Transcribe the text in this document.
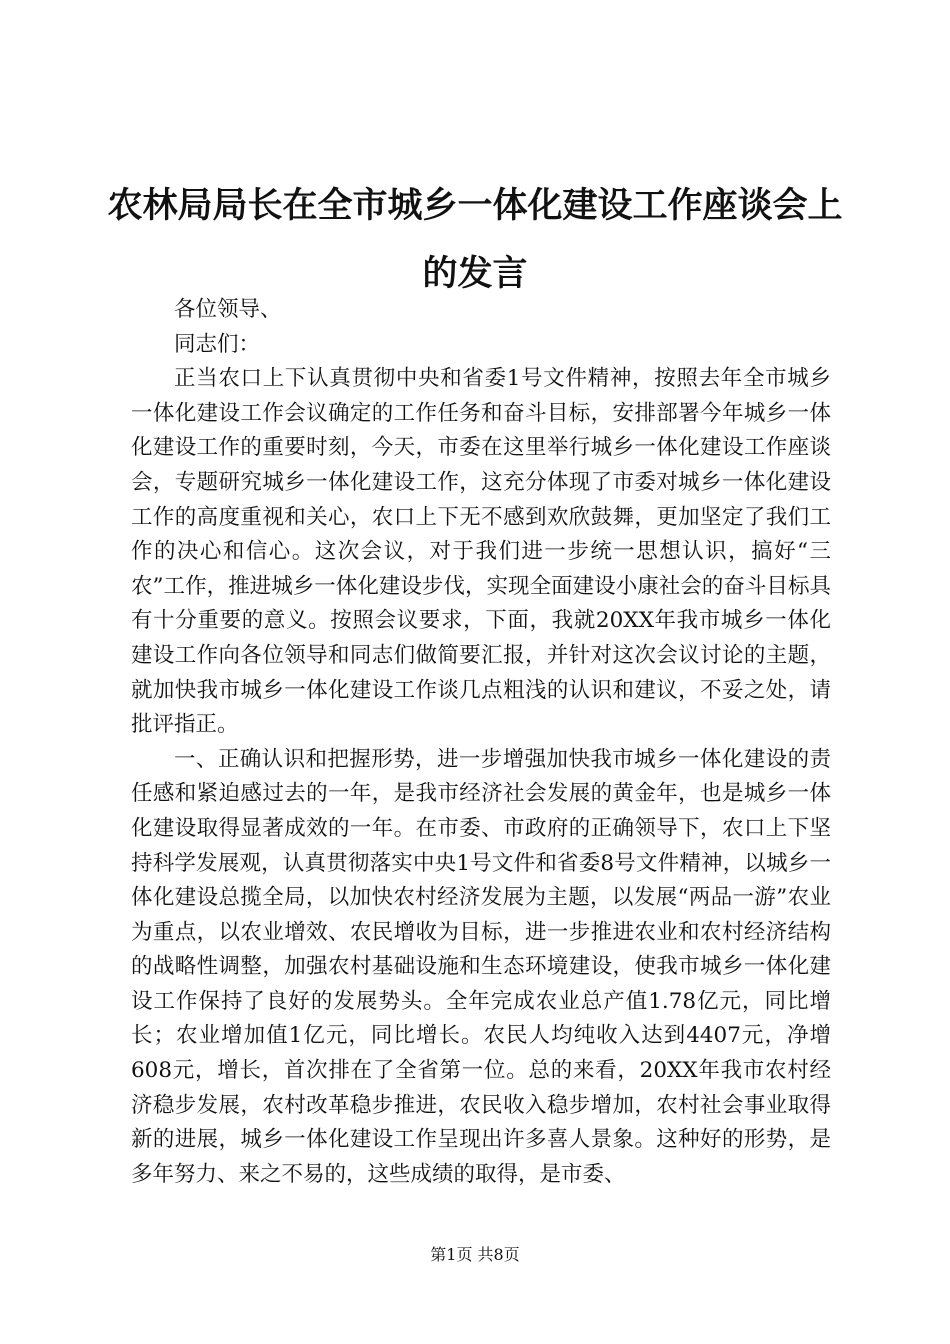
农林局局长在全市城乡一体化建设工作座谈会上的发言

各位领导、

同志们：

正当农口上下认真贯彻中央和省委1号文件精神，按照去年全市城乡一体化建设工作会议确定的工作任务和奋斗目标，安排部署今年城乡一体化建设工作的重要时刻，今天，市委在这里举行城乡一体化建设工作座谈会，专题研究城乡一体化建设工作，这充分体现了市委对城乡一体化建设工作的高度重视和关心，农口上下无不感到欢欣鼓舞，更加坚定了我们工作的决心和信心。这次会议，对于我们进一步统一思想认识，搞好“三农”工作，推进城乡一体化建设步伐，实现全面建设小康社会的奋斗目标具有十分重要的意义。按照会议要求，下面，我就20XX年我市城乡一体化建设工作向各位领导和同志们做简要汇报，并针对这次会议讨论的主题，就加快我市城乡一体化建设工作谈几点粗浅的认识和建议，不妥之处，请批评指正。

一、正确认识和把握形势，进一步增强加快我市城乡一体化建设的责任感和紧迫感过去的一年，是我市经济社会发展的黄金年，也是城乡一体化建设取得显著成效的一年。在市委、市政府的正确领导下，农口上下坚持科学发展观，认真贯彻落实中央1号文件和省委8号文件精神，以城乡一体化建设总揽全局，以加快农村经济发展为主题，以发展“两品一游”农业为重点，以农业增效、农民增收为目标，进一步推进农业和农村经济结构的战略性调整，加强农村基础设施和生态环境建设，使我市城乡一体化建设工作保持了良好的发展势头。全年完成农业总产值1.78亿元，同比增长；农业增加值1亿元，同比增长。农民人均纯收入达到4407元，净增608元，增长，首次排在了全省第一位。总的来看，20XX年我市农村经济稳步发展，农村改革稳步推进，农民收入稳步增加，农村社会事业取得新的进展，城乡一体化建设工作呈现出许多喜人景象。这种好的形势，是多年努力、来之不易的，这些成绩的取得，是市委、

第1页 共8页
